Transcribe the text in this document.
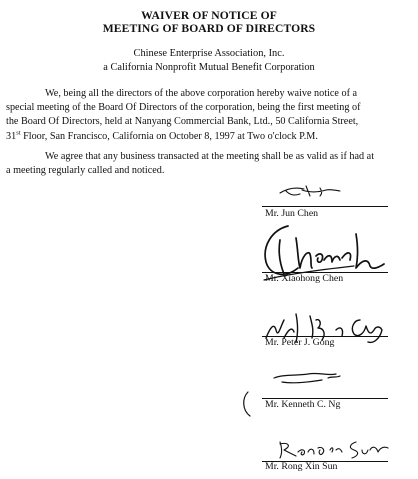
WAIVER OF NOTICE OF
MEETING OF BOARD OF DIRECTORS
Chinese Enterprise Association, Inc.
a California Nonprofit Mutual Benefit Corporation
We, being all the directors of the above corporation hereby waive notice of a
special meeting of the Board Of Directors of the corporation, being the first meeting of
the Board Of Directors, held at Nanyang Commercial Bank, Ltd., 50 California Street,
31st Floor, San Francisco, California on October 8, 1997 at Two o'clock P.M.
We agree that any business transacted at the meeting shall be as valid as if had at
a meeting regularly called and noticed.
Mr. Jun Chen
Mr. Xiaohong Chen
Mr. Peter J. Gong
Mr. Kenneth C. Ng
Mr. Rong Xin Sun
